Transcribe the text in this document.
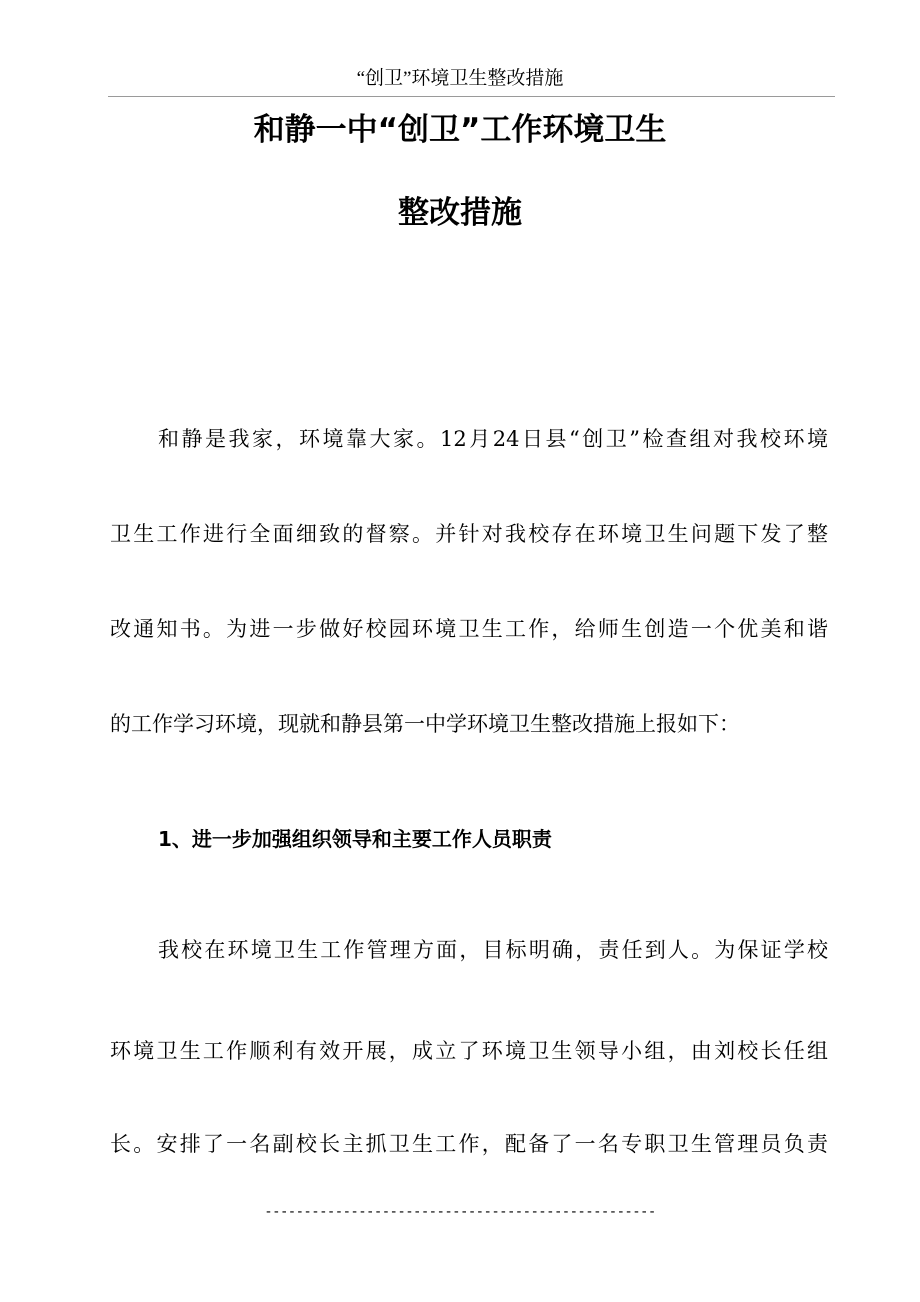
“创卫”环境卫生整改措施
和静一中“创卫”工作环境卫生
整改措施
和静是我家，环境靠大家。12月24日县“创卫”检查组对我校环境
卫生工作进行全面细致的督察。并针对我校存在环境卫生问题下发了整
改通知书。为进一步做好校园环境卫生工作，给师生创造一个优美和谐
的工作学习环境，现就和静县第一中学环境卫生整改措施上报如下：
1、进一步加强组织领导和主要工作人员职责
我校在环境卫生工作管理方面，目标明确，责任到人。为保证学校
环境卫生工作顺利有效开展，成立了环境卫生领导小组，由刘校长任组
长。安排了一名副校长主抓卫生工作，配备了一名专职卫生管理员负责
--------------------------------------------------
